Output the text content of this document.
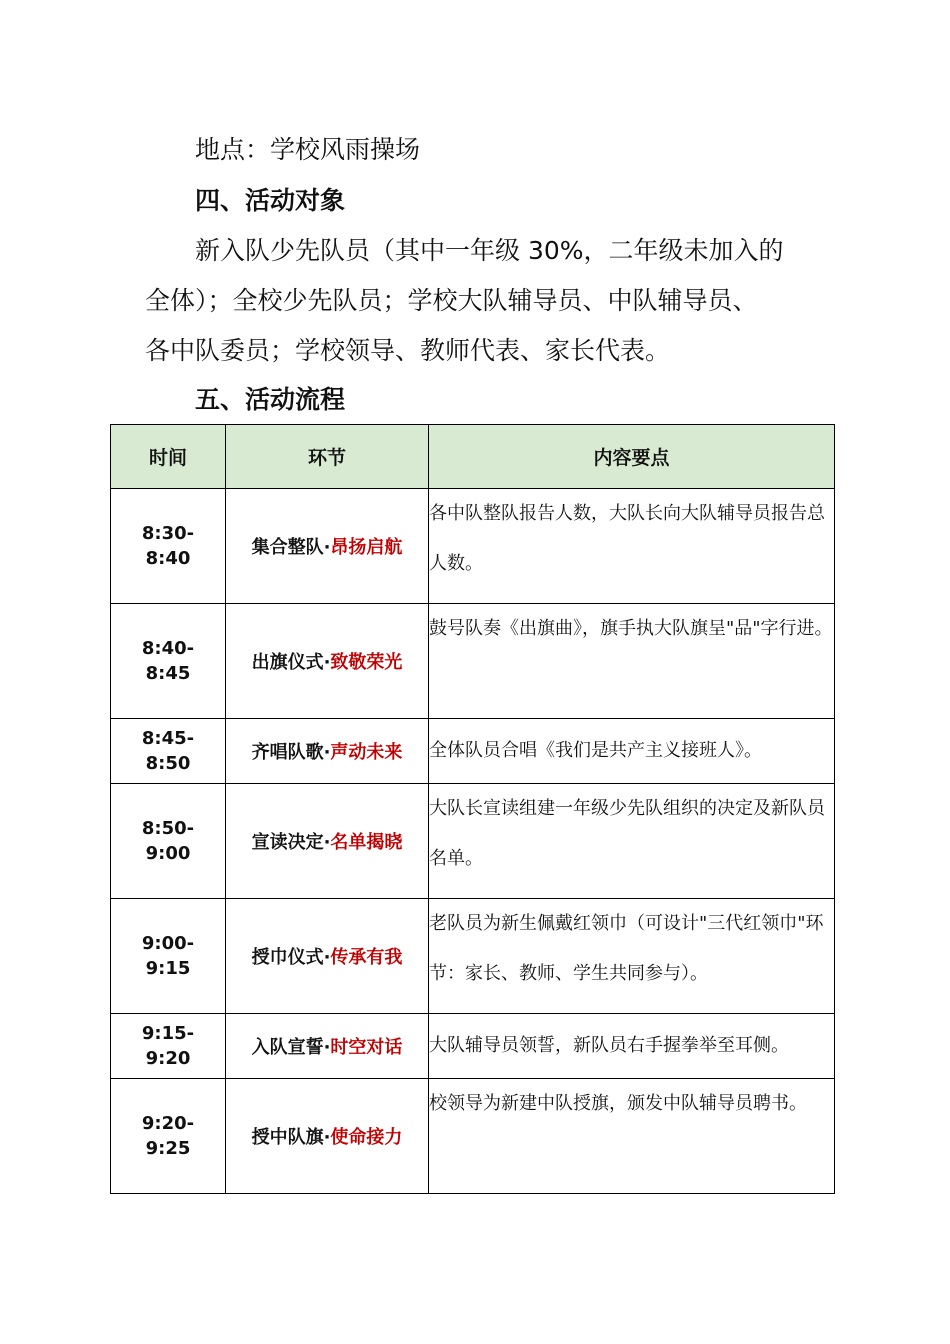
地点：学校风雨操场
四、活动对象
新入队少先队员（其中一年级 30%，二年级未加入的
全体）；全校少先队员；学校大队辅导员、中队辅导员、
各中队委员；学校领导、教师代表、家长代表。
五、活动流程
时间	环节	内容要点
8:30-
8:40	集合整队·昂扬启航	各中队整队报告人数，大队长向大队辅导员报告总人数。
8:40-
8:45	出旗仪式·致敬荣光	鼓号队奏《出旗曲》，旗手执大队旗呈"品"字行进。
8:45-
8:50	齐唱队歌·声动未来	全体队员合唱《我们是共产主义接班人》。
8:50-
9:00	宣读决定·名单揭晓	大队长宣读组建一年级少先队组织的决定及新队员名单。
9:00-
9:15	授巾仪式·传承有我	老队员为新生佩戴红领巾（可设计"三代红领巾"环节：家长、教师、学生共同参与）。
9:15-
9:20	入队宣誓·时空对话	大队辅导员领誓，新队员右手握拳举至耳侧。
9:20-
9:25	授中队旗·使命接力	校领导为新建中队授旗，颁发中队辅导员聘书。
